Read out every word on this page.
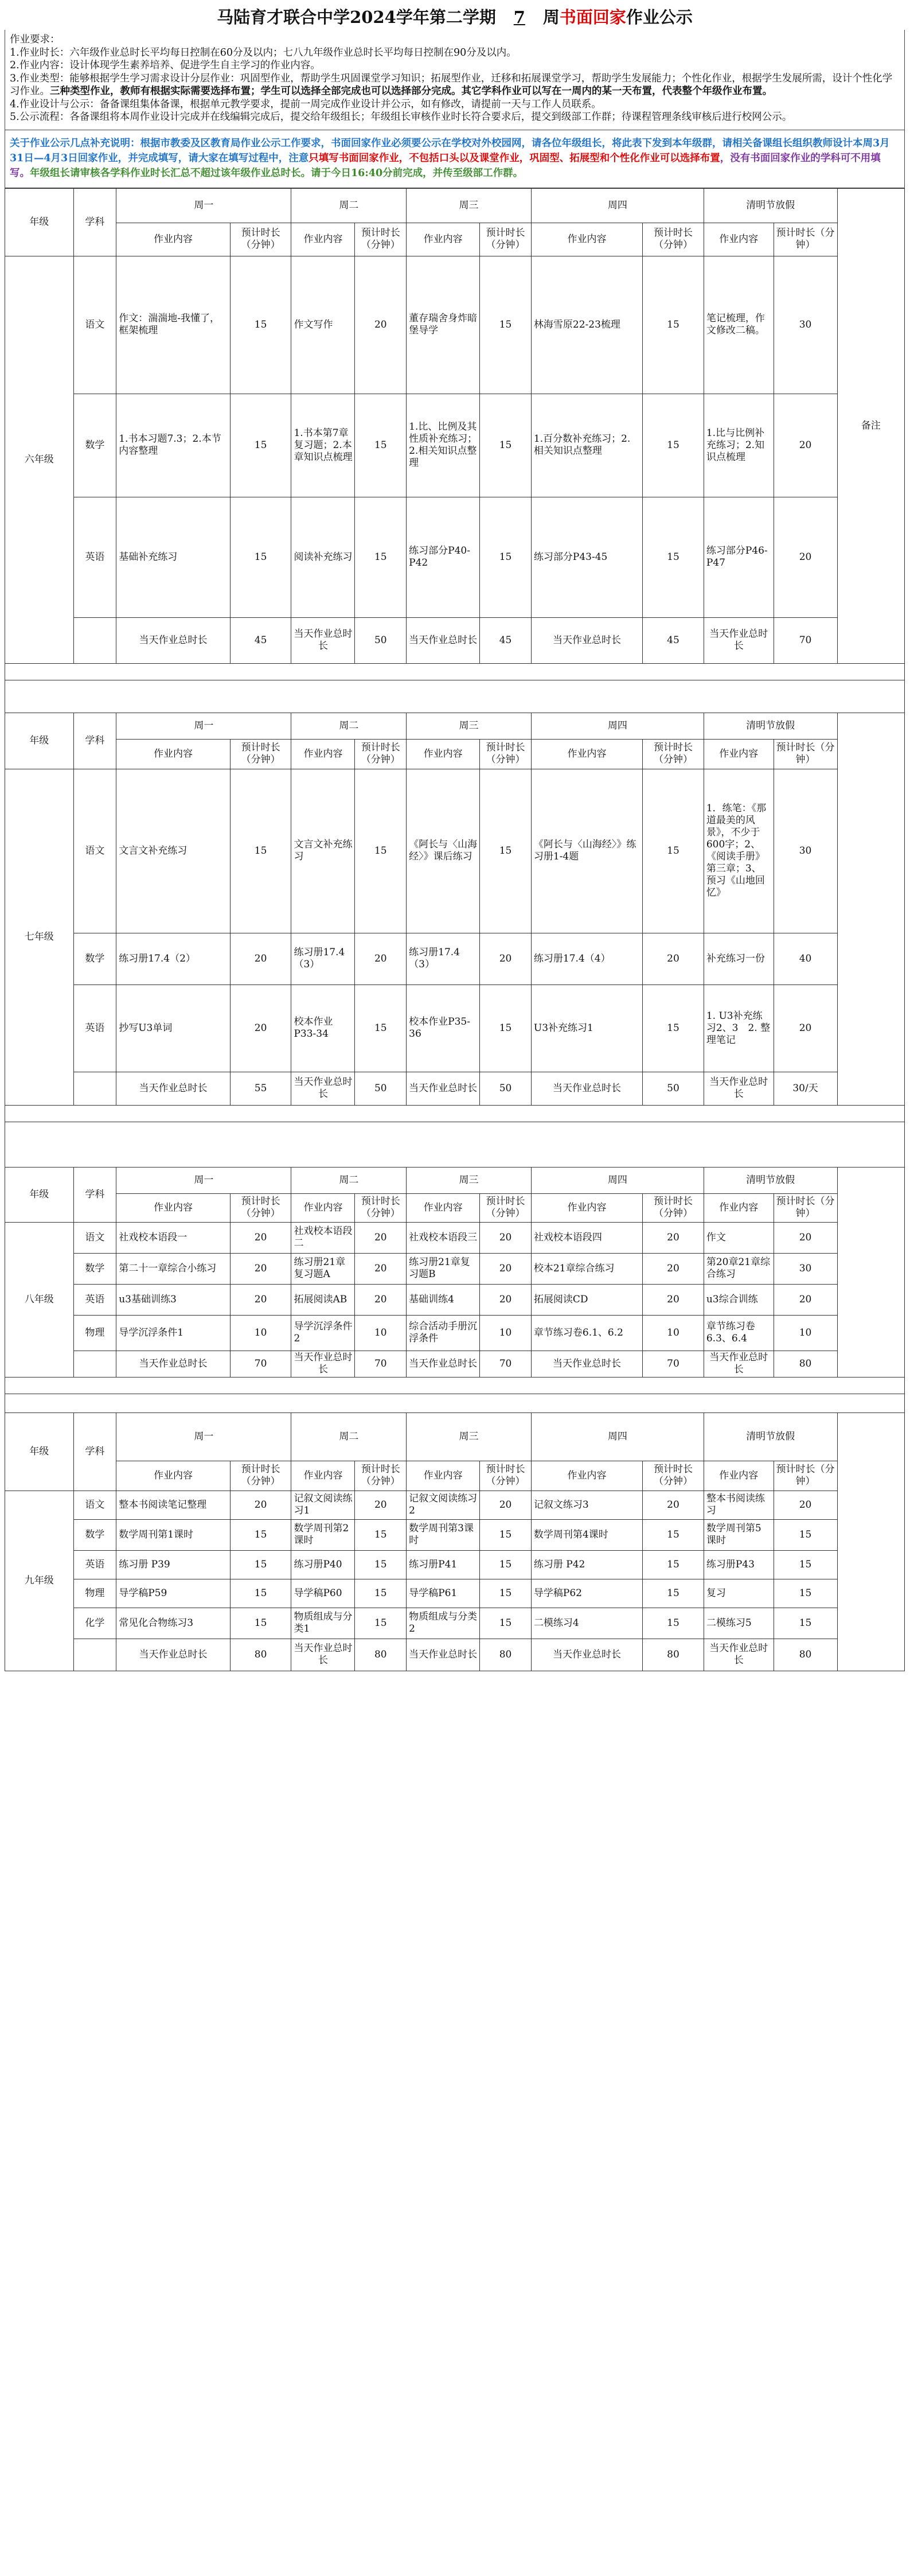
马陆育才联合中学2024学年第二学期 7 周书面回家作业公示
作业要求：
1.作业时长：六年级作业总时长平均每日控制在60分及以内；七八九年级作业总时长平均每日控制在90分及以内。
2.作业内容：设计体现学生素养培养、促进学生自主学习的作业内容。
3.作业类型：能够根据学生学习需求设计分层作业：巩固型作业，帮助学生巩固课堂学习知识；拓展型作业，迁移和拓展课堂学习，帮助学生发展能力；个性化作业，根据学生发展所需，设计个性化学习作业。三种类型作业，教师有根据实际需要选择布置；学生可以选择全部完成也可以选择部分完成。其它学科作业可以写在一周内的某一天布置，代表整个年级作业布置。
4.作业设计与公示：备备课组集体备课，根据单元教学要求，提前一周完成作业设计并公示，如有修改，请提前一天与工作人员联系。
5.公示流程：各备课组将本周作业设计完成并在线编辑完成后，提交给年级组长；年级组长审核作业时长符合要求后，提交到级部工作群；待课程管理条线审核后进行校网公示。
关于作业公示几点补充说明：根据市教委及区教育局作业公示工作要求，书面回家作业必须要公示在学校对外校园网，请各位年级组长，将此表下发到本年级群，请相关备课组长组织教师设计本周3月31日—4月3日回家作业，并完成填写，请大家在填写过程中，注意只填写书面回家作业，不包括口头以及课堂作业，巩固型、拓展型和个性化作业可以选择布置，没有书面回家作业的学科可不用填写。年级组长请审核各学科作业时长汇总不超过该年级作业总时长。请于今日16:40分前完成，并传至级部工作群。
年级	学科	周一		周二		周三		周四		清明节放假		备注
		作业内容	预计时长（分钟）	作业内容	预计时长（分钟）	作业内容	预计时长（分钟）	作业内容	预计时长（分钟）	作业内容	预计时长（分钟）	
六年级	语文	作文：湍湍地-我懂了，框架梳理	15	作文写作	20	董存瑞舍身炸暗堡导学	15	林海雪原22-23梳理	15	笔记梳理，作文修改二稿。	30	
	数学	1.书本习题7.3；2.本节内容整理	15	1.书本第7章复习题；2.本章知识点梳理	15	1.比、比例及其性质补充练习；2.相关知识点整理	15	1.百分数补充练习；2.相关知识点整理	15	1.比与比例补充练习；2.知识点梳理	20	
	英语	基础补充练习	15	阅读补充练习	15	练习部分P40-P42	15	练习部分P43-45	15	练习部分P46-P47	20	
		当天作业总时长	45	当天作业总时长	50	当天作业总时长	45	当天作业总时长	45	当天作业总时长	70	

年级	学科	周一		周二		周三		周四		清明节放假		
		作业内容	预计时长（分钟）	作业内容	预计时长（分钟）	作业内容	预计时长（分钟）	作业内容	预计时长（分钟）	作业内容	预计时长（分钟）	
七年级	语文	文言文补充练习	15	文言文补充练习	15	《阿长与〈山海经〉》课后练习	15	《阿长与〈山海经〉》练习册1-4题	15	1．练笔：《那道最美的风景》，不少于600字；2、《阅读手册》第三章；3、预习《山地回忆》	30	
	数学	练习册17.4（2）	20	练习册17.4（3）	20	练习册17.4（3）	20	练习册17.4（4）	20	补充练习一份	40	
	英语	抄写U3单词	20	校本作业P33-34	15	校本作业P35-36	15	U3补充练习1	15	1. U3补充练习2、3　2. 整理笔记	20	
		当天作业总时长	55	当天作业总时长	50	当天作业总时长	50	当天作业总时长	50	当天作业总时长	30/天	

年级	学科	周一		周二		周三		周四		清明节放假		
		作业内容	预计时长（分钟）	作业内容	预计时长（分钟）	作业内容	预计时长（分钟）	作业内容	预计时长（分钟）	作业内容	预计时长（分钟）	
八年级	语文	社戏校本语段一	20	社戏校本语段二	20	社戏校本语段三	20	社戏校本语段四	20	作文	20	
	数学	第二十一章综合小练习	20	练习册21章复习题A	20	练习册21章复习题B	20	校本21章综合练习	20	第20章21章综合练习	30	
	英语	u3基础训练3	20	拓展阅读AB	20	基础训练4	20	拓展阅读CD	20	u3综合训练	20	
	物理	导学沉浮条件1	10	导学沉浮条件2	10	综合活动手册沉浮条件	10	章节练习卷6.1、6.2	10	章节练习卷6.3、6.4	10	
		当天作业总时长	70	当天作业总时长	70	当天作业总时长	70	当天作业总时长	70	当天作业总时长	80	

年级	学科	周一		周二		周三		周四		清明节放假		
		作业内容	预计时长（分钟）	作业内容	预计时长（分钟）	作业内容	预计时长（分钟）	作业内容	预计时长（分钟）	作业内容	预计时长（分钟）	
九年级	语文	整本书阅读笔记整理	20	记叙文阅读练习1	20	记叙文阅读练习2	20	记叙文练习3	20	整本书阅读练习	20	
	数学	数学周刊第1课时	15	数学周刊第2课时	15	数学周刊第3课时	15	数学周刊第4课时	15	数学周刊第5课时	15	
	英语	练习册 P39	15	练习册P40	15	练习册P41	15	练习册 P42	15	练习册P43	15	
	物理	导学稿P59	15	导学稿P60	15	导学稿P61	15	导学稿P62	15	复习	15	
	化学	常见化合物练习3	15	物质组成与分类1	15	物质组成与分类2	15	二模练习4	15	二模练习5	15	
		当天作业总时长	80	当天作业总时长	80	当天作业总时长	80	当天作业总时长	80	当天作业总时长	80	
